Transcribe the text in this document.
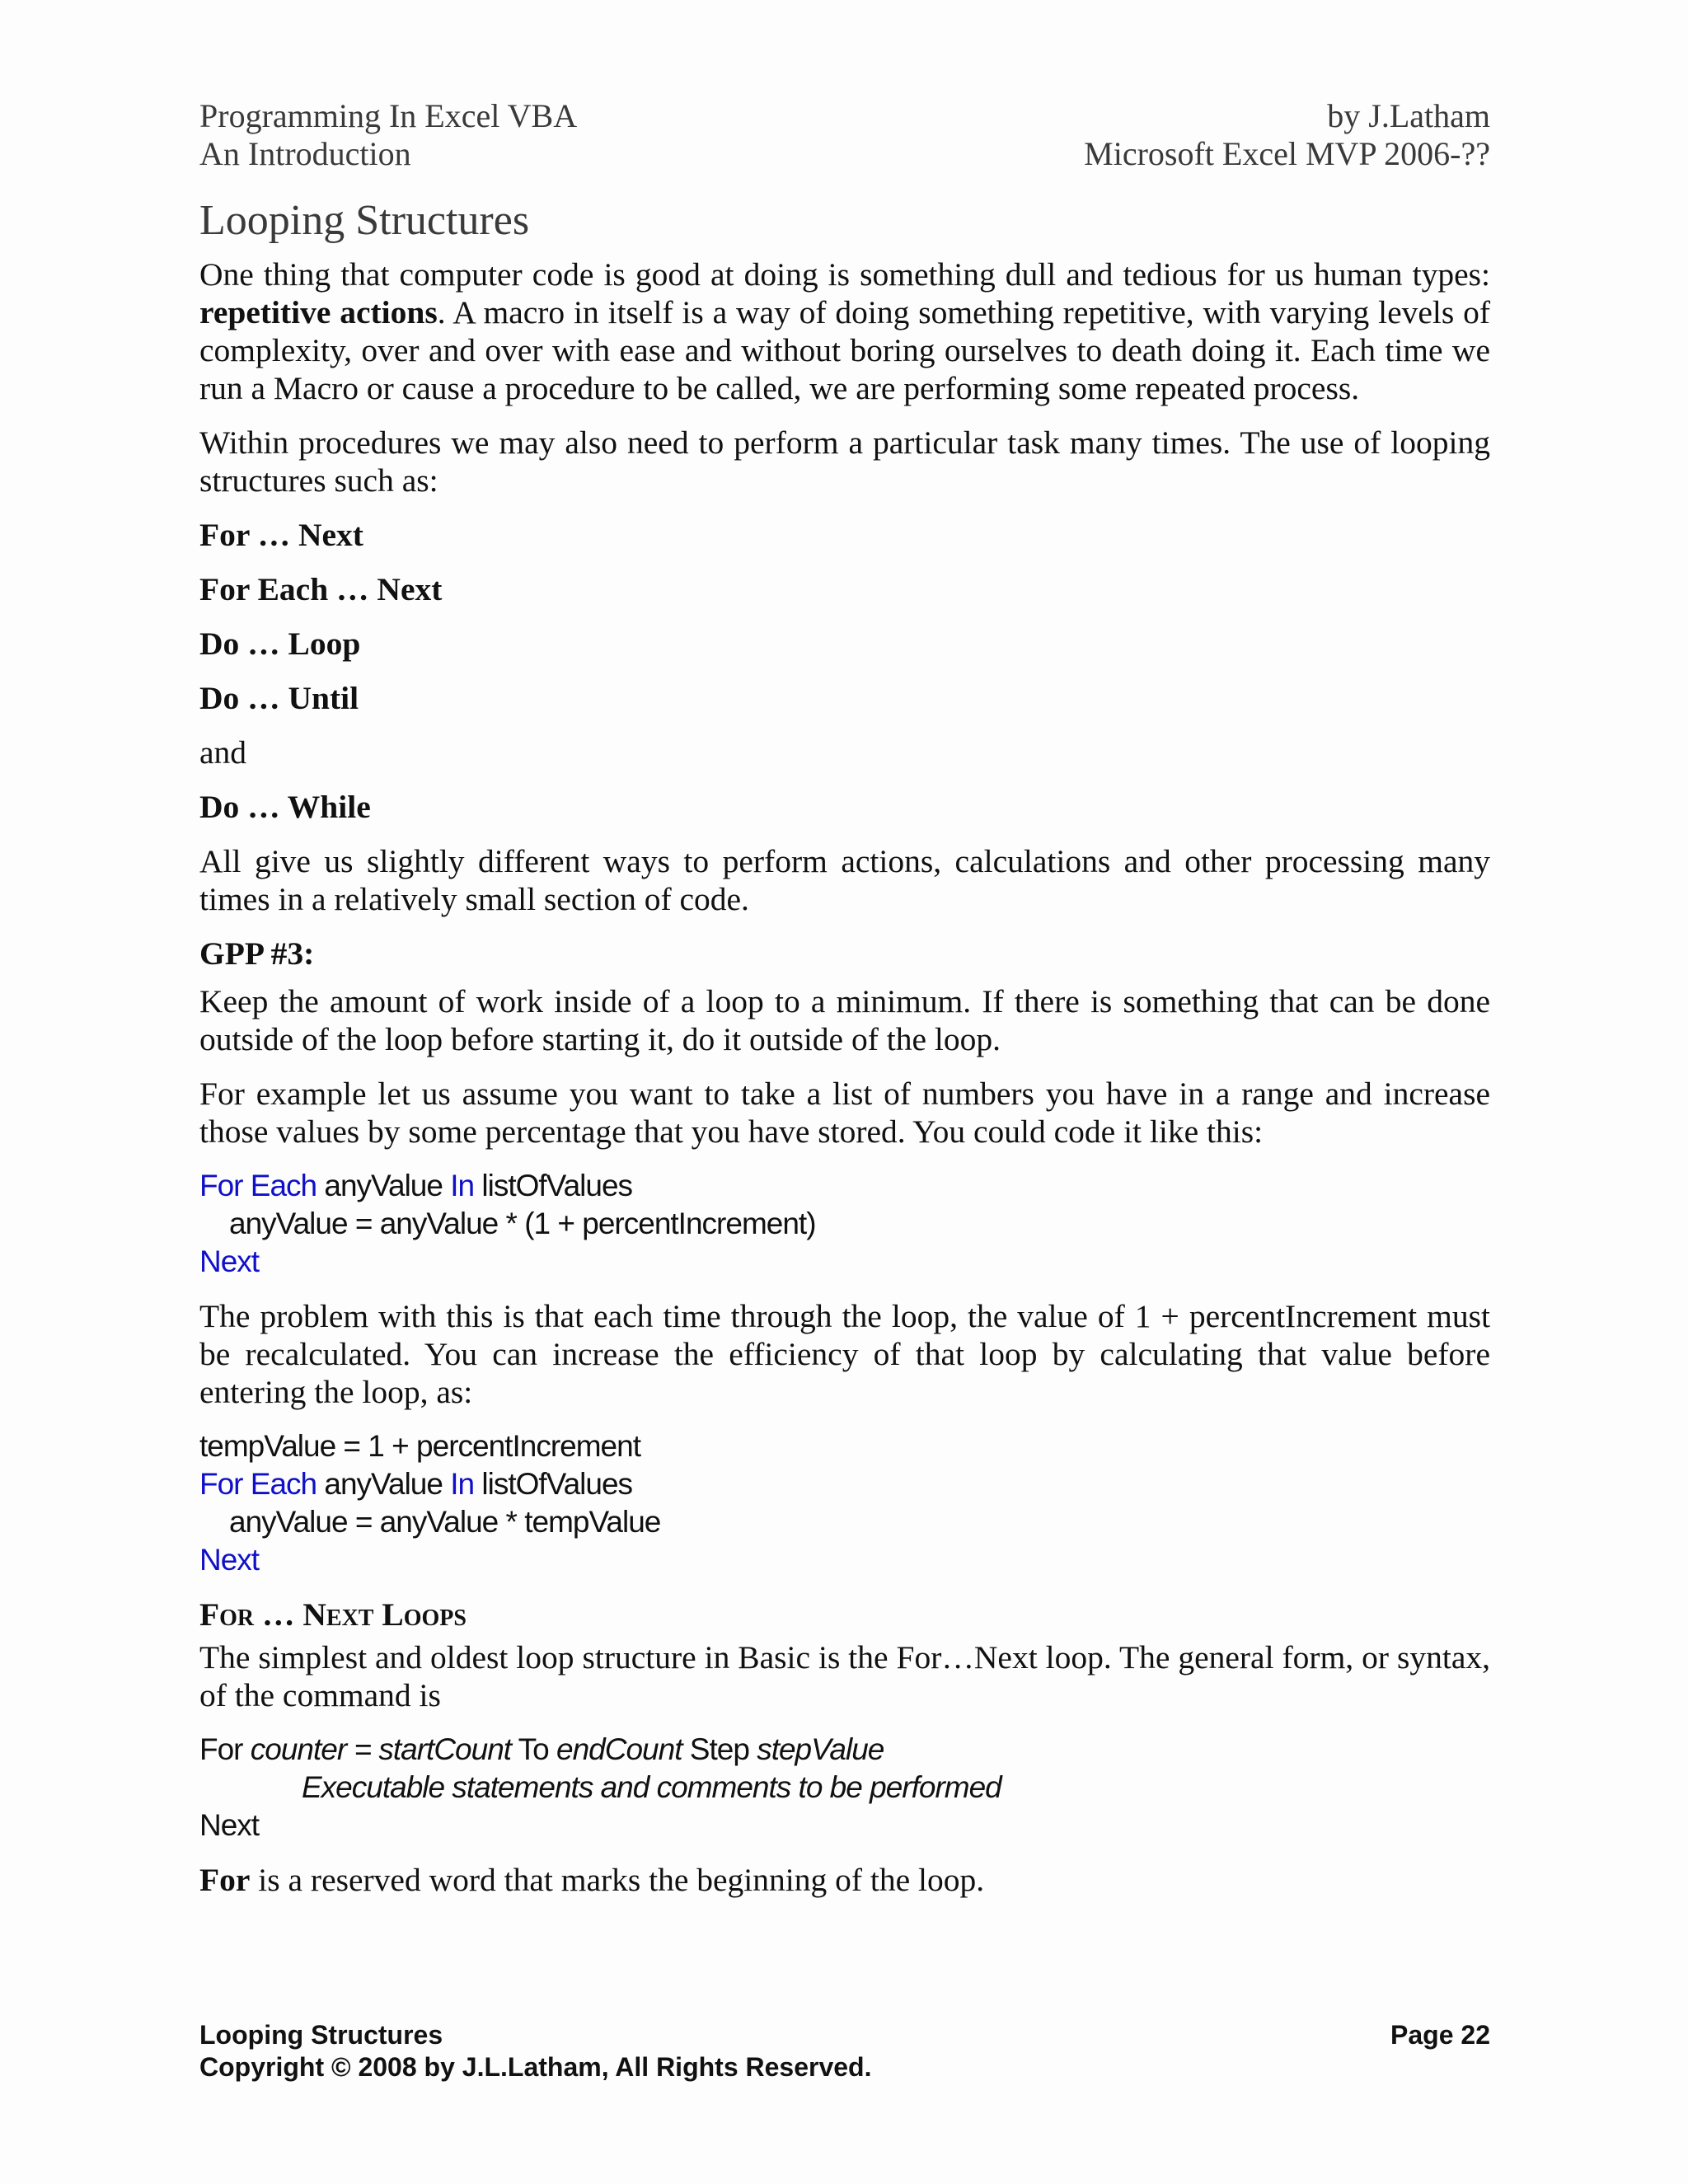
Programming In Excel VBA	by J.Latham
An Introduction	Microsoft Excel MVP 2006-??
Looping Structures

One thing that computer code is good at doing is something dull and tedious for us human types: repetitive actions. A macro in itself is a way of doing something repetitive, with varying levels of complexity, over and over with ease and without boring ourselves to death doing it. Each time we run a Macro or cause a procedure to be called, we are performing some repeated process.

Within procedures we may also need to perform a particular task many times. The use of looping structures such as:

For … Next
For Each … Next
Do … Loop
Do … Until

and

Do … While

All give us slightly different ways to perform actions, calculations and other processing many times in a relatively small section of code.

GPP #3:

Keep the amount of work inside of a loop to a minimum. If there is something that can be done outside of the loop before starting it, do it outside of the loop.

For example let us assume you want to take a list of numbers you have in a range and increase those values by some percentage that you have stored. You could code it like this:

For Each anyValue In listOfValues
anyValue = anyValue * (1 + percentIncrement)
Next

The problem with this is that each time through the loop, the value of 1 + percentIncrement must be recalculated. You can increase the efficiency of that loop by calculating that value before entering the loop, as:

tempValue = 1 + percentIncrement
For Each anyValue In listOfValues
anyValue = anyValue * tempValue
Next
For … Next Loops

The simplest and oldest loop structure in Basic is the For…Next loop. The general form, or syntax, of the command is

For counter = startCount To endCount Step stepValue
Executable statements and comments to be performed
Next

For is a reserved word that marks the beginning of the loop.

Looping Structures	Page 22
Copyright © 2008 by J.L.Latham, All Rights Reserved.
